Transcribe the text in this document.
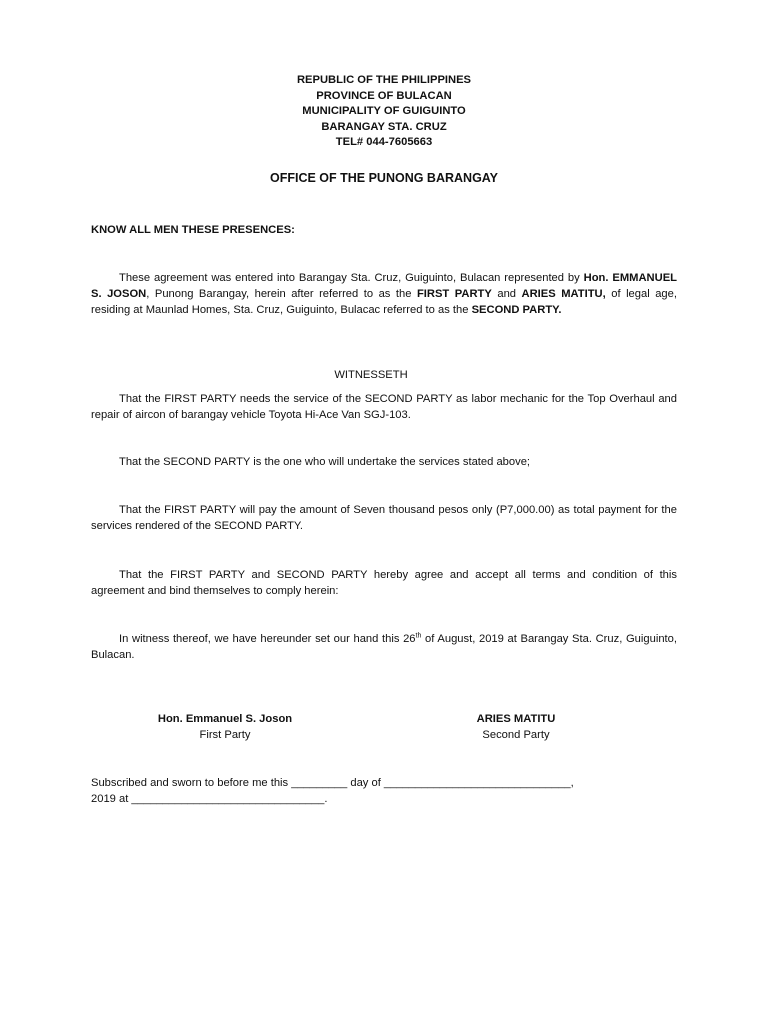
REPUBLIC OF THE PHILIPPINES
PROVINCE OF BULACAN
MUNICIPALITY OF GUIGUINTO
BARANGAY STA. CRUZ
TEL# 044-7605663
OFFICE OF THE PUNONG BARANGAY
KNOW ALL MEN THESE PRESENCES:

These agreement was entered into Barangay Sta. Cruz, Guiguinto, Bulacan represented by Hon. EMMANUEL S. JOSON, Punong Barangay, herein after referred to as the FIRST PARTY and ARIES MATITU, of legal age, residing at Maunlad Homes, Sta. Cruz, Guiguinto, Bulacac referred to as the SECOND PARTY.

WITNESSETH

That the FIRST PARTY needs the service of the SECOND PARTY as labor mechanic for the Top Overhaul and repair of aircon of barangay vehicle Toyota Hi-Ace Van SGJ-103.

That the SECOND PARTY is the one who will undertake the services stated above;

That the FIRST PARTY will pay the amount of Seven thousand pesos only (P7,000.00) as total payment for the services rendered of the SECOND PARTY.

That the FIRST PARTY and SECOND PARTY hereby agree and accept all terms and condition of this agreement and bind themselves to comply herein:

In witness thereof, we have hereunder set our hand this 26th of August, 2019 at Barangay Sta. Cruz, Guiguinto, Bulacan.

Hon. Emmanuel S. Joson
First Party
ARIES MATITU
Second Party
Subscribed and sworn to before me this _________ day of ______________________________,
2019 at _______________________________.
